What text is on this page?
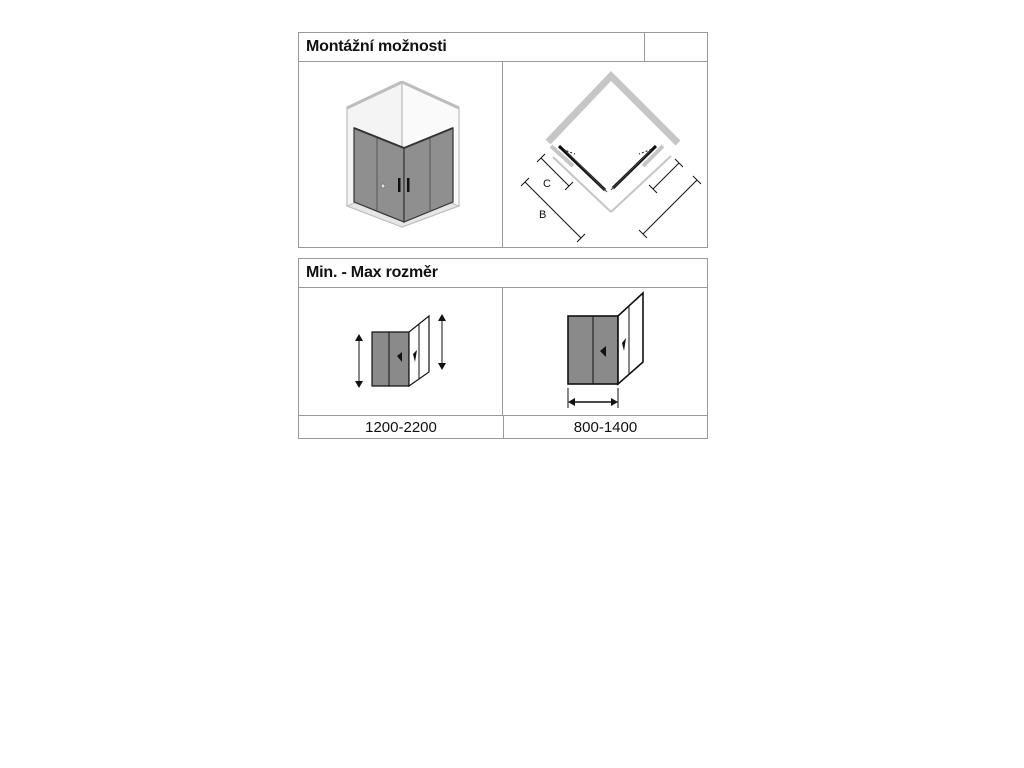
Montážní možnosti
C
B
Min. - Max rozměr
1200-2200	800-1400
